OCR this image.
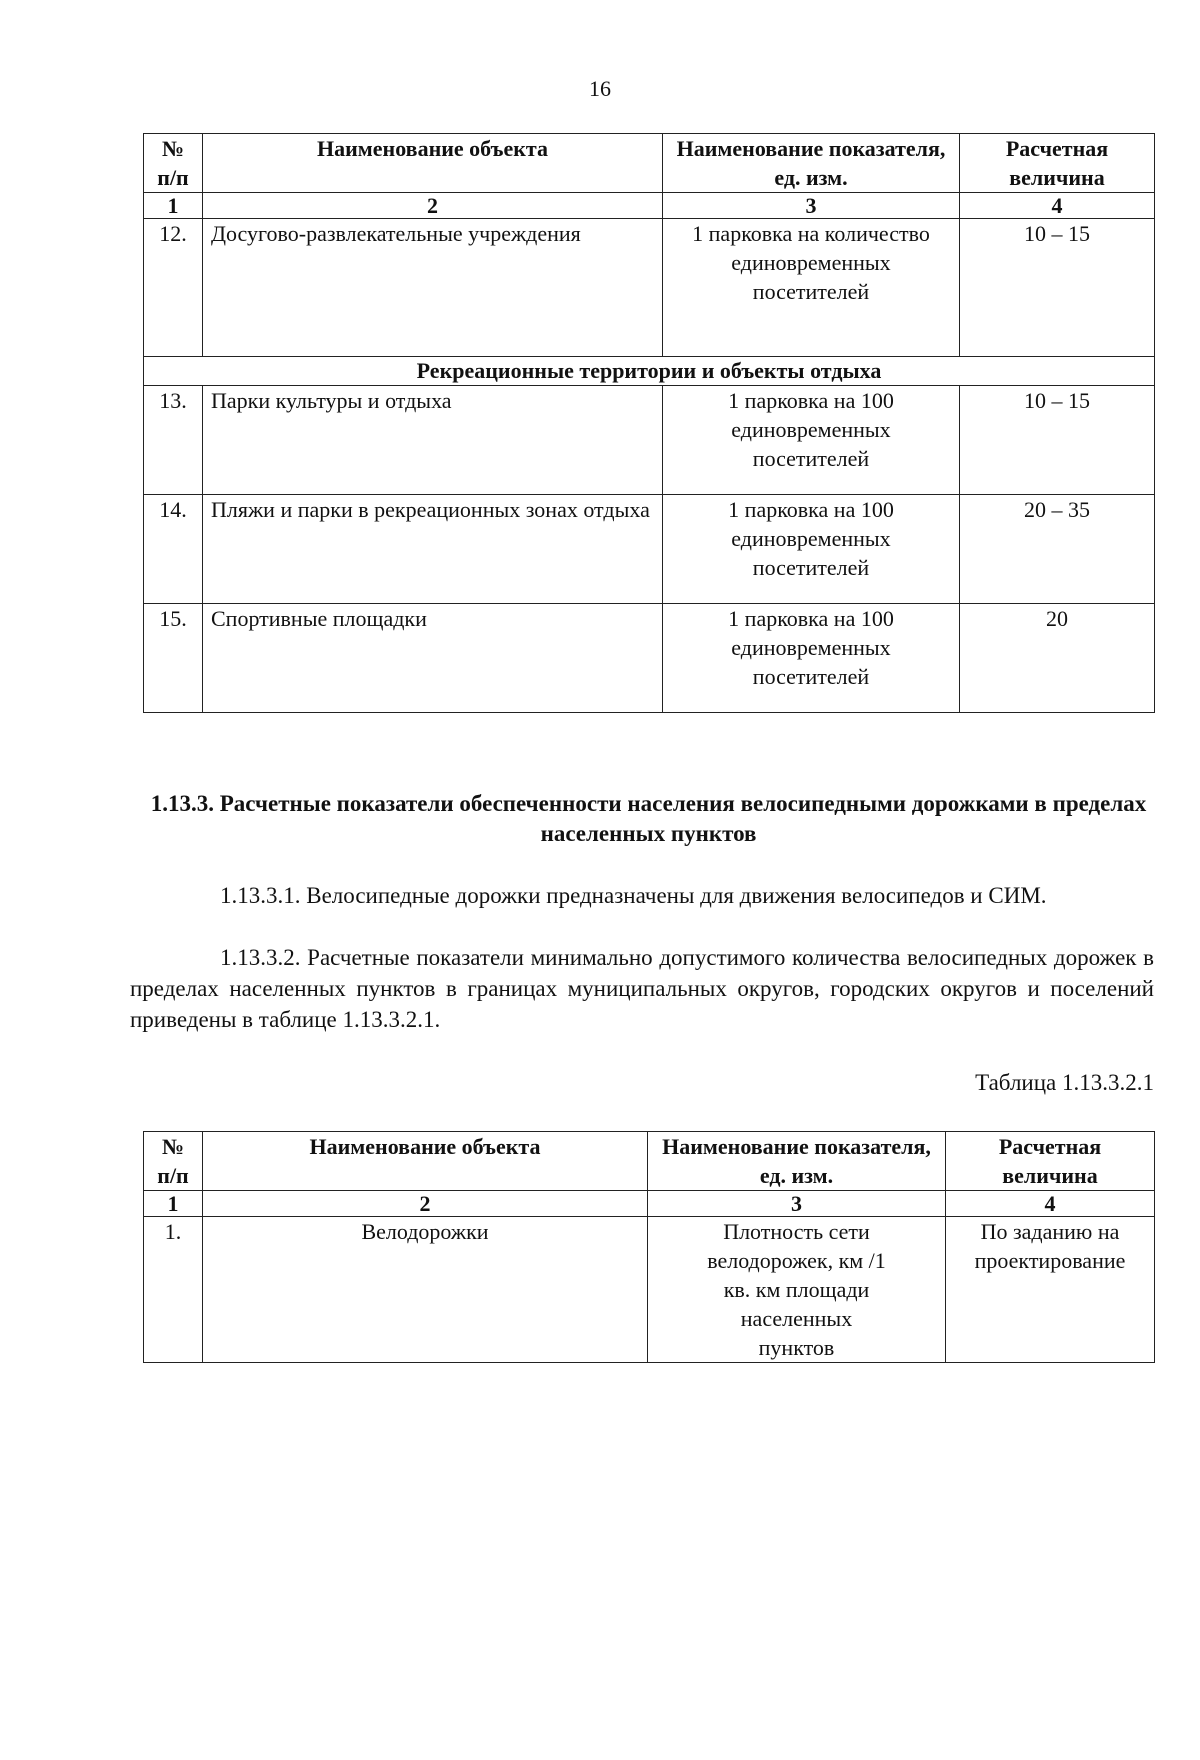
16
№ п/п	Наименование объекта	Наименование показателя, ед. изм.	Расчетная величина
1	2	3	4
12.	Досугово-развлекательные учреждения	1 парковка на количество единовременных посетителей	10 – 15
Рекреационные территории и объекты отдыха			
13.	Парки культуры и отдыха	1 парковка на 100 единовременных посетителей	10 – 15
14.	Пляжи и парки в рекреационных зонах отдыха	1 парковка на 100 единовременных посетителей	20 – 35
15.	Спортивные площадки	1 парковка на 100 единовременных посетителей	20
1.13.3. Расчетные показатели обеспеченности населения велосипедными дорожками в пределах населенных пунктов

1.13.3.1. Велосипедные дорожки предназначены для движения велосипедов и СИМ.

1.13.3.2. Расчетные показатели минимально допустимого количества велосипедных дорожек в пределах населенных пунктов в границах муниципальных округов, городских округов и поселений приведены в таблице 1.13.3.2.1.

Таблица 1.13.3.2.1
№ п/п	Наименование объекта	Наименование показателя, ед. изм.	Расчетная величина
1	2	3	4
1.	Велодорожки	Плотность сети велодорожек, км /1 кв. км площади населенных пунктов	По заданию на проектирование
